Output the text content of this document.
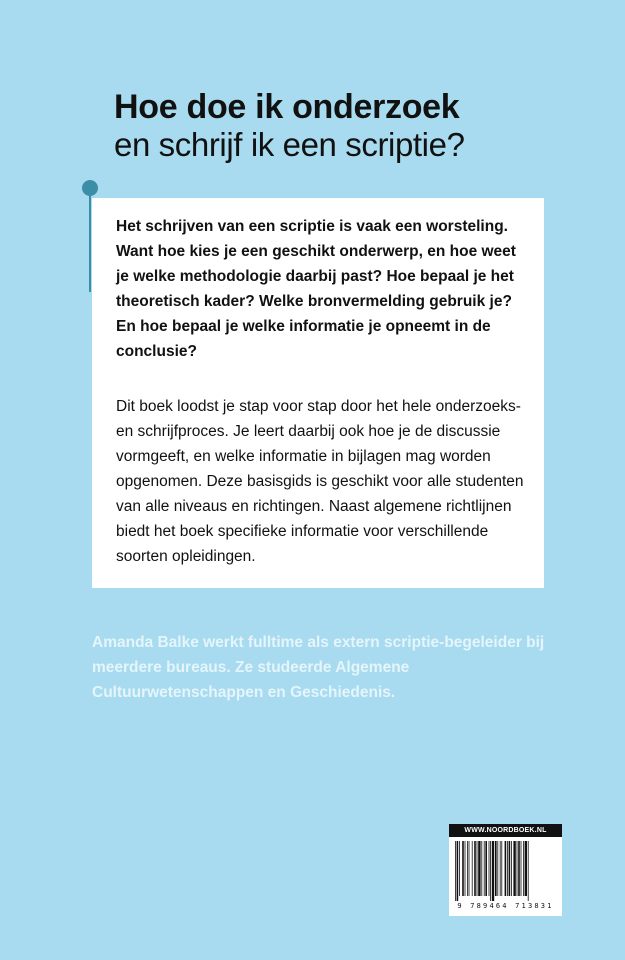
Hoe doe ik onderzoek
en schrijf ik een scriptie?

Het schrijven van een scriptie is vaak een worsteling. Want hoe kies je een geschikt onderwerp, en hoe weet je welke methodologie daarbij past? Hoe bepaal je het theoretisch kader? Welke bronvermelding gebruik je? En hoe bepaal je welke informatie je opneemt in de conclusie?

Dit boek loodst je stap voor stap door het hele onderzoeks- en schrijfproces. Je leert daarbij ook hoe je de discussie vormgeeft, en welke informatie in bijlagen mag worden opgenomen. Deze basisgids is geschikt voor alle studenten van alle niveaus en richtingen. Naast algemene richtlijnen biedt het boek specifieke informatie voor verschillende soorten opleidingen.

Amanda Balke werkt fulltime als extern scriptie-begeleider bij meerdere bureaus. Ze studeerde Algemene Cultuurwetenschappen en Geschiedenis.

WWW.NOORDBOEK.NL
9 789464 713831
